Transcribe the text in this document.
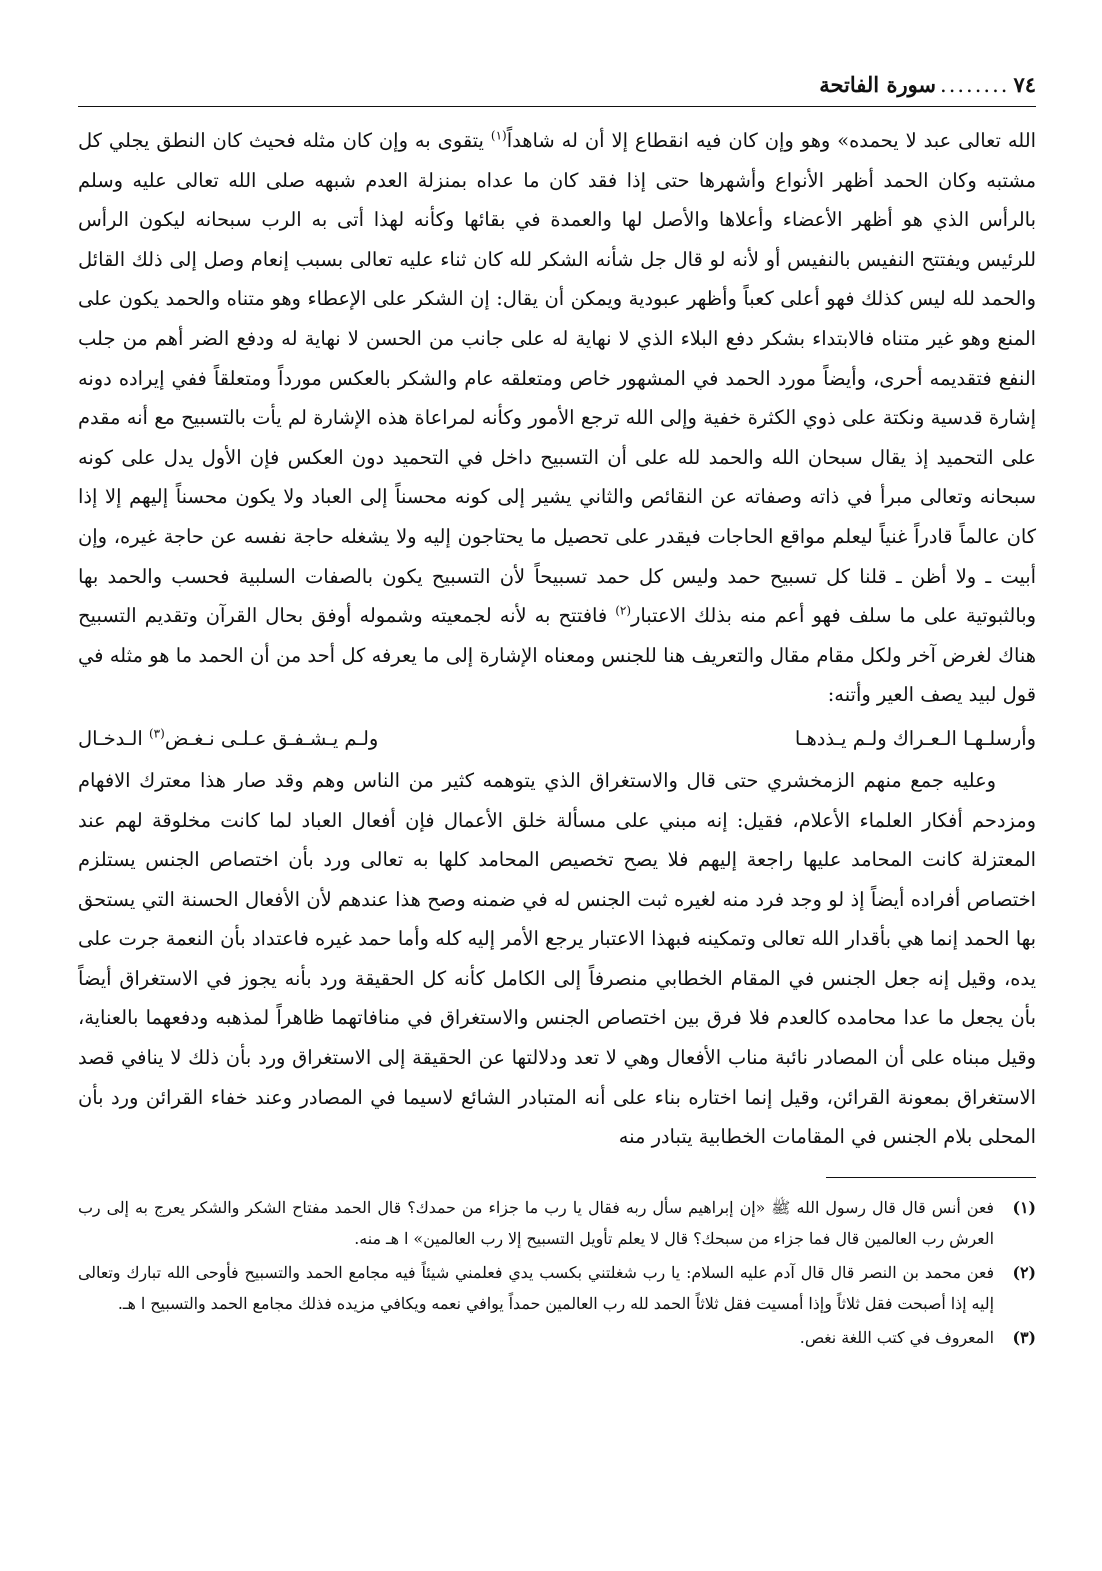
٧٤
........
سورة الفاتحة

الله تعالى عبد لا يحمده» وهو وإن كان فيه انقطاع إلا أن له شاهداً$^{(١)}$ يتقوى به وإن كان مثله فحيث كان النطق يجلي كل مشتبه وكان الحمد أظهر الأنواع وأشهرها حتى إذا فقد كان ما عداه بمنزلة العدم شبهه صلى الله تعالى عليه وسلم بالرأس الذي هو أظهر الأعضاء وأعلاها والأصل لها والعمدة في بقائها وكأنه لهذا أتى به الرب سبحانه ليكون الرأس للرئيس ويفتتح النفيس بالنفيس أو لأنه لو قال جل شأنه الشكر لله كان ثناء عليه تعالى بسبب إنعام وصل إلى ذلك القائل والحمد لله ليس كذلك فهو أعلى كعباً وأظهر عبودية ويمكن أن يقال: إن الشكر على الإعطاء وهو متناه والحمد يكون على المنع وهو غير متناه فالابتداء بشكر دفع البلاء الذي لا نهاية له على جانب من الحسن لا نهاية له ودفع الضر أهم من جلب النفع فتقديمه أحرى، وأيضاً مورد الحمد في المشهور خاص ومتعلقه عام والشكر بالعكس مورداً ومتعلقاً ففي إيراده دونه إشارة قدسية ونكتة على ذوي الكثرة خفية وإلى الله ترجع الأمور وكأنه لمراعاة هذه الإشارة لم يأت بالتسبيح مع أنه مقدم على التحميد إذ يقال سبحان الله والحمد لله على أن التسبيح داخل في التحميد دون العكس فإن الأول يدل على كونه سبحانه وتعالى مبرأ في ذاته وصفاته عن النقائص والثاني يشير إلى كونه محسناً إلى العباد ولا يكون محسناً إليهم إلا إذا كان عالماً قادراً غنياً ليعلم مواقع الحاجات فيقدر على تحصيل ما يحتاجون إليه ولا يشغله حاجة نفسه عن حاجة غيره، وإن أبيت ـ ولا أظن ـ قلنا كل تسبيح حمد وليس كل حمد تسبيحاً لأن التسبيح يكون بالصفات السلبية فحسب والحمد بها وبالثبوتية على ما سلف فهو أعم منه بذلك الاعتبار$^{(٢)}$ فافتتح به لأنه لجمعيته وشموله أوفق بحال القرآن وتقديم التسبيح هناك لغرض آخر ولكل مقام مقال والتعريف هنا للجنس ومعناه الإشارة إلى ما يعرفه كل أحد من أن الحمد ما هو مثله في قول لبيد يصف العير وأتنه:

وأرسلـهـا الـعـراك ولـم يـذدهـا
ولـم يـشـفـق عـلـى نـغـض$^{(٣)}$ الـدخـال

وعليه جمع منهم الزمخشري حتى قال والاستغراق الذي يتوهمه كثير من الناس وهم وقد صار هذا معترك الافهام ومزدحم أفكار العلماء الأعلام، فقيل: إنه مبني على مسألة خلق الأعمال فإن أفعال العباد لما كانت مخلوقة لهم عند المعتزلة كانت المحامد عليها راجعة إليهم فلا يصح تخصيص المحامد كلها به تعالى ورد بأن اختصاص الجنس يستلزم اختصاص أفراده أيضاً إذ لو وجد فرد منه لغيره ثبت الجنس له في ضمنه وصح هذا عندهم لأن الأفعال الحسنة التي يستحق بها الحمد إنما هي بأقدار الله تعالى وتمكينه فبهذا الاعتبار يرجع الأمر إليه كله وأما حمد غيره فاعتداد بأن النعمة جرت على يده، وقيل إنه جعل الجنس في المقام الخطابي منصرفاً إلى الكامل كأنه كل الحقيقة ورد بأنه يجوز في الاستغراق أيضاً بأن يجعل ما عدا محامده كالعدم فلا فرق بين اختصاص الجنس والاستغراق في منافاتهما ظاهراً لمذهبه ودفعهما بالعناية، وقيل مبناه على أن المصادر نائبة مناب الأفعال وهي لا تعد ودلالتها عن الحقيقة إلى الاستغراق ورد بأن ذلك لا ينافي قصد الاستغراق بمعونة القرائن، وقيل إنما اختاره بناء على أنه المتبادر الشائع لاسيما في المصادر وعند خفاء القرائن ورد بأن المحلى بلام الجنس في المقامات الخطابية يتبادر منه

(١)
فعن أنس قال قال رسول الله ﷺ «إن إبراهيم سأل ربه فقال يا رب ما جزاء من حمدك؟ قال الحمد مفتاح الشكر والشكر يعرج به إلى رب العرش رب العالمين قال فما جزاء من سبحك؟ قال لا يعلم تأويل التسبيح إلا رب العالمين» ا هـ منه.
(٢)
فعن محمد بن النصر قال قال آدم عليه السلام: يا رب شغلتني بكسب يدي فعلمني شيئاً فيه مجامع الحمد والتسبيح فأوحى الله تبارك وتعالى إليه إذا أصبحت فقل ثلاثاً وإذا أمسيت فقل ثلاثاً الحمد لله رب العالمين حمداً يوافي نعمه ويكافي مزيده فذلك مجامع الحمد والتسبيح ا هـ.
(٣)
المعروف في كتب اللغة نغص.
